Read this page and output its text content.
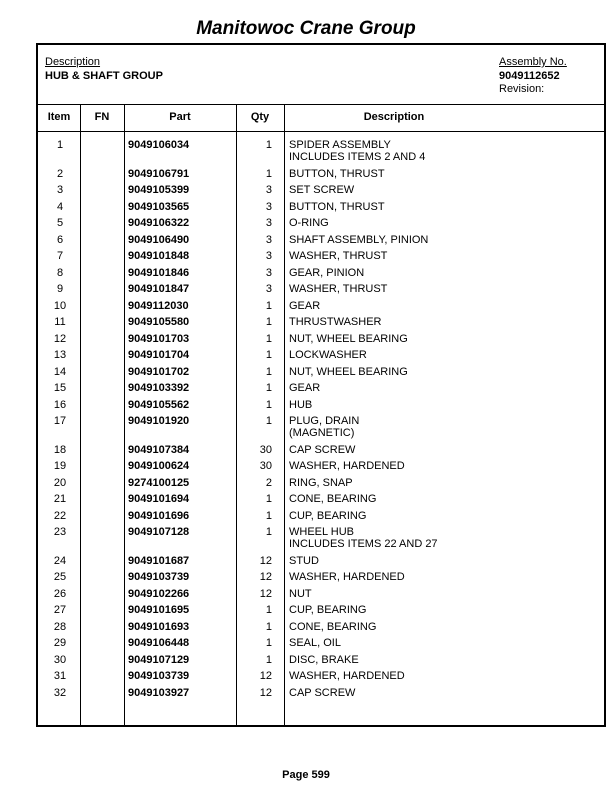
Manitowoc Crane Group
Description
HUB & SHAFT GROUP
Assembly No.
9049112652
Revision:
Item	FN	Part	Qty	Description
1	9049106034	1 SPIDER ASSEMBLY
INCLUDES ITEMS 2 AND 4
2	9049106791	1 BUTTON, THRUST
3	9049105399	3 SET SCREW
4	9049103565	3 BUTTON, THRUST
5	9049106322	3 O-RING
6	9049106490	3 SHAFT ASSEMBLY, PINION
7	9049101848	3 WASHER, THRUST
8	9049101846	3 GEAR, PINION
9	9049101847	3 WASHER, THRUST
10	9049112030	1 GEAR
11	9049105580	1 THRUSTWASHER
12	9049101703	1 NUT, WHEEL BEARING
13	9049101704	1 LOCKWASHER
14	9049101702	1 NUT, WHEEL BEARING
15	9049103392	1 GEAR
16	9049105562	1 HUB
17	9049101920	1 PLUG, DRAIN
(MAGNETIC)
18	9049107384	30 CAP SCREW
19	9049100624	30 WASHER, HARDENED
20	9274100125	2 RING, SNAP
21	9049101694	1 CONE, BEARING
22	9049101696	1 CUP, BEARING
23	9049107128	1 WHEEL HUB
INCLUDES ITEMS 22 AND 27
24	9049101687	12 STUD
25	9049103739	12 WASHER, HARDENED
26	9049102266	12 NUT
27	9049101695	1 CUP, BEARING
28	9049101693	1 CONE, BEARING
29	9049106448	1 SEAL, OIL
30	9049107129	1 DISC, BRAKE
31	9049103739	12 WASHER, HARDENED
32	9049103927	12 CAP SCREW
Page 599
